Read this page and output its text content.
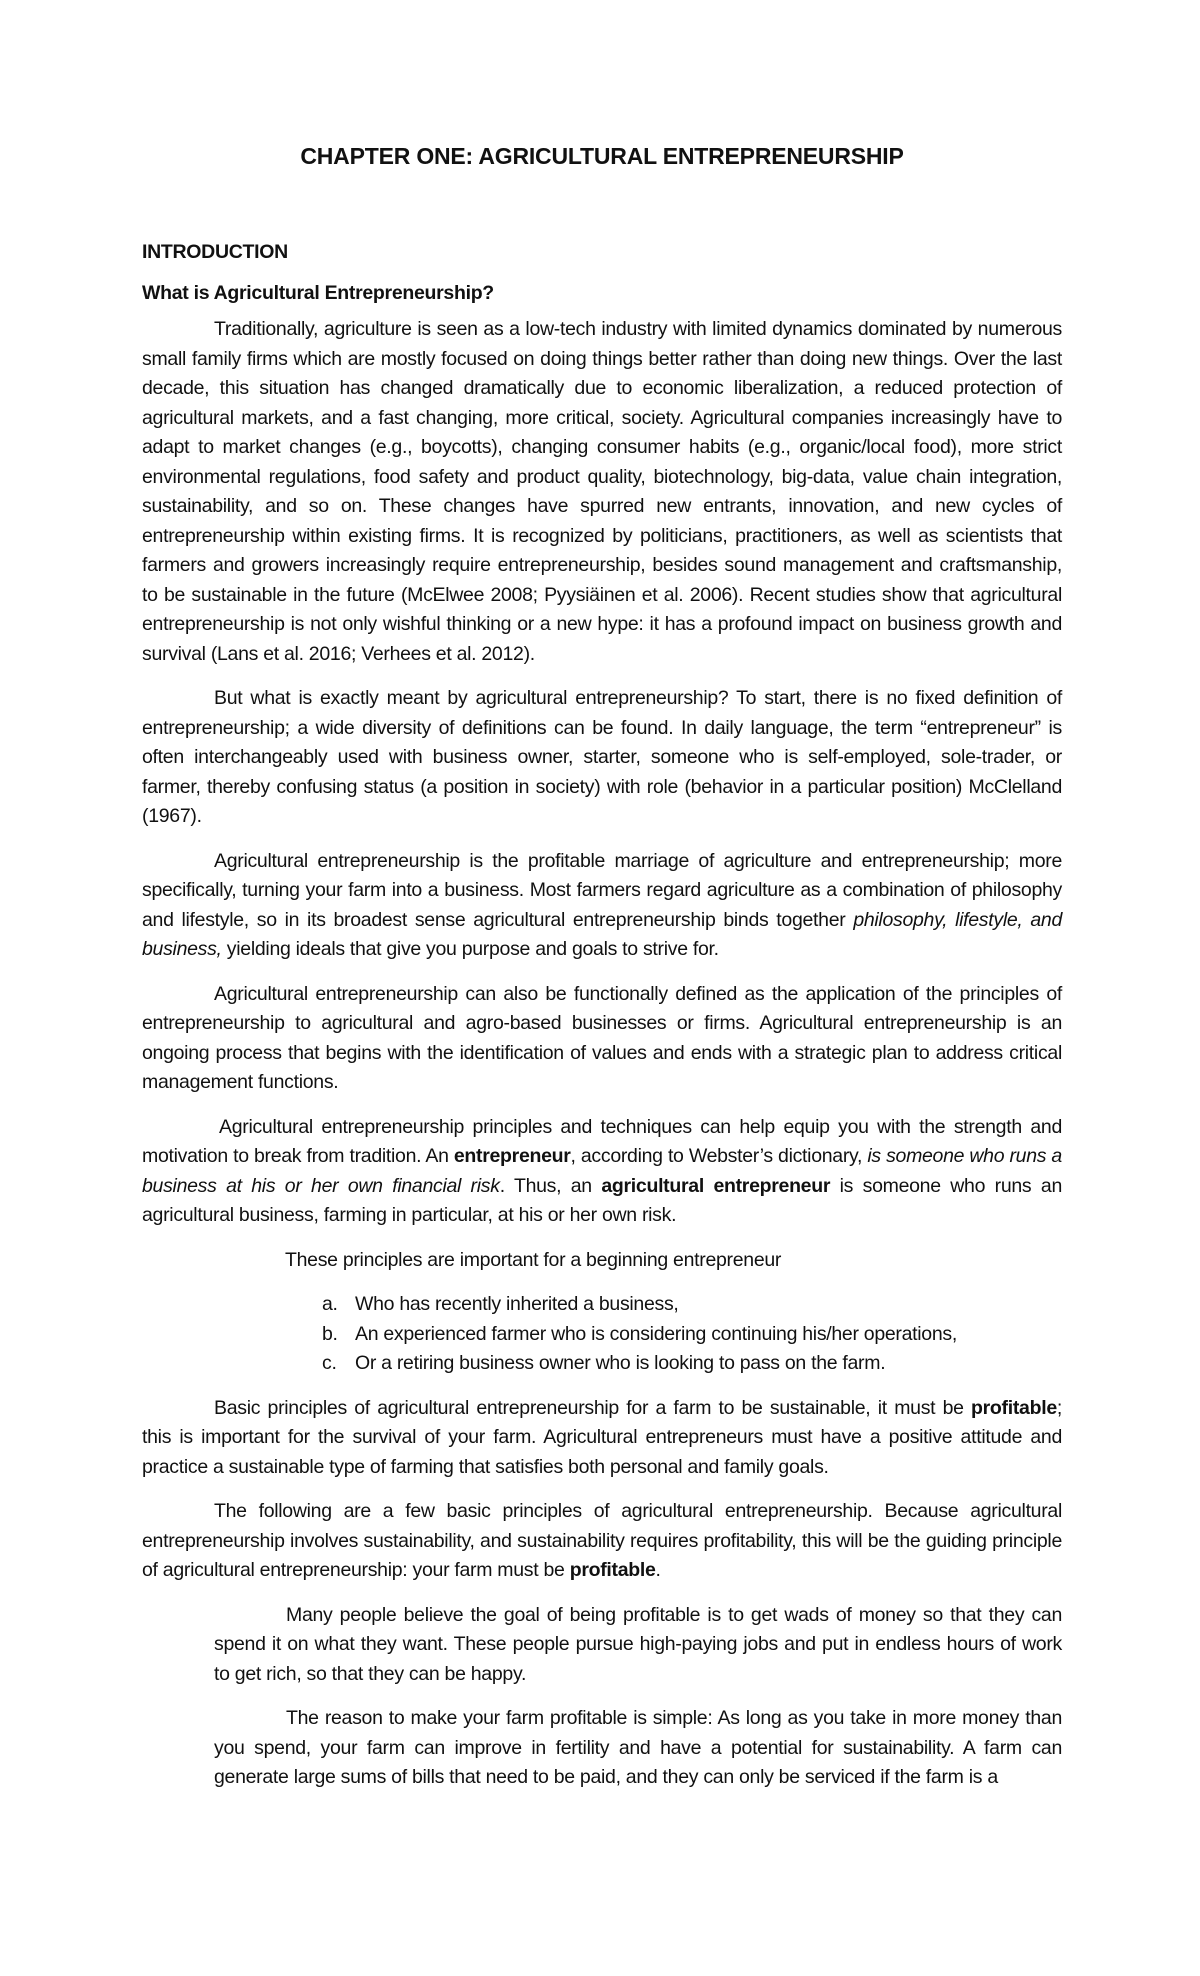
CHAPTER ONE: AGRICULTURAL ENTREPRENEURSHIP
INTRODUCTION
What is Agricultural Entrepreneurship?

Traditionally, agriculture is seen as a low-tech industry with limited dynamics dominated by numerous small family firms which are mostly focused on doing things better rather than doing new things. Over the last decade, this situation has changed dramatically due to economic liberalization, a reduced protection of agricultural markets, and a fast changing, more critical, society. Agricultural companies increasingly have to adapt to market changes (e.g., boycotts), changing consumer habits (e.g., organic/local food), more strict environmental regulations, food safety and product quality, biotechnology, big-data, value chain integration, sustainability, and so on. These changes have spurred new entrants, innovation, and new cycles of entrepreneurship within existing firms. It is recognized by politicians, practitioners, as well as scientists that farmers and growers increasingly require entrepreneurship, besides sound management and craftsmanship, to be sustainable in the future (McElwee 2008; Pyysiäinen et al. 2006). Recent studies show that agricultural entrepreneurship is not only wishful thinking or a new hype: it has a profound impact on business growth and survival (Lans et al. 2016; Verhees et al. 2012).

But what is exactly meant by agricultural entrepreneurship? To start, there is no fixed definition of entrepreneurship; a wide diversity of definitions can be found. In daily language, the term “entrepreneur” is often interchangeably used with business owner, starter, someone who is self-employed, sole-trader, or farmer, thereby confusing status (a position in society) with role (behavior in a particular position) McClelland (1967).

Agricultural entrepreneurship is the profitable marriage of agriculture and entrepreneurship; more specifically, turning your farm into a business. Most farmers regard agriculture as a combination of philosophy and lifestyle, so in its broadest sense agricultural entrepreneurship binds together philosophy, lifestyle, and business, yielding ideals that give you purpose and goals to strive for.

Agricultural entrepreneurship can also be functionally defined as the application of the principles of entrepreneurship to agricultural and agro-based businesses or firms. Agricultural entrepreneurship is an ongoing process that begins with the identification of values and ends with a strategic plan to address critical management functions.

Agricultural entrepreneurship principles and techniques can help equip you with the strength and motivation to break from tradition. An entrepreneur, according to Webster’s dictionary, is someone who runs a business at his or her own financial risk. Thus, an agricultural entrepreneur is someone who runs an agricultural business, farming in particular, at his or her own risk.

These principles are important for a beginning entrepreneur
a. Who has recently inherited a business,
b. An experienced farmer who is considering continuing his/her operations,
c. Or a retiring business owner who is looking to pass on the farm.

Basic principles of agricultural entrepreneurship for a farm to be sustainable, it must be profitable; this is important for the survival of your farm. Agricultural entrepreneurs must have a positive attitude and practice a sustainable type of farming that satisfies both personal and family goals.

The following are a few basic principles of agricultural entrepreneurship. Because agricultural entrepreneurship involves sustainability, and sustainability requires profitability, this will be the guiding principle of agricultural entrepreneurship: your farm must be profitable.

Many people believe the goal of being profitable is to get wads of money so that they can spend it on what they want. These people pursue high-paying jobs and put in endless hours of work to get rich, so that they can be happy.

The reason to make your farm profitable is simple: As long as you take in more money than you spend, your farm can improve in fertility and have a potential for sustainability. A farm can generate large sums of bills that need to be paid, and they can only be serviced if the farm is a
